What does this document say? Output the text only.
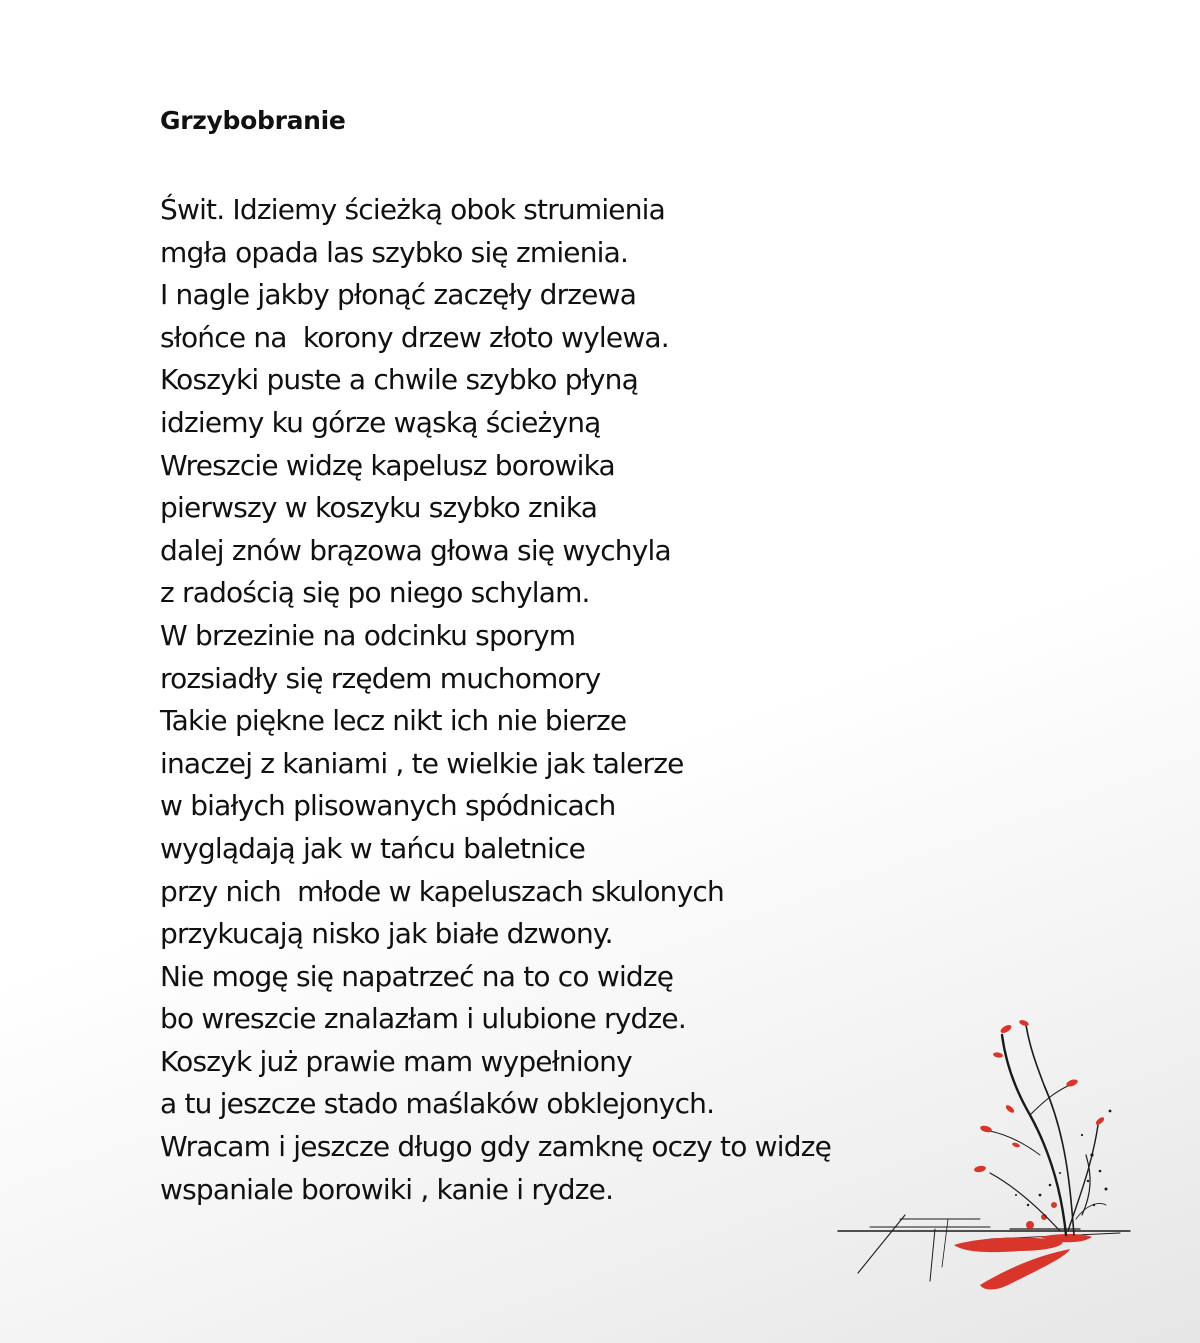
Grzybobranie
Świt. Idziemy ścieżką obok strumienia
mgła opada las szybko się zmienia.
I nagle jakby płonąć zaczęły drzewa
słońce na  korony drzew złoto wylewa.
Koszyki puste a chwile szybko płyną
idziemy ku górze wąską ścieżyną
Wreszcie widzę kapelusz borowika
pierwszy w koszyku szybko znika
dalej znów brązowa głowa się wychyla
z radością się po niego schylam.
W brzezinie na odcinku sporym
rozsiadły się rzędem muchomory
Takie piękne lecz nikt ich nie bierze
inaczej z kaniami , te wielkie jak talerze
w białych plisowanych spódnicach
wyglądają jak w tańcu baletnice
przy nich  młode w kapeluszach skulonych
przykucają nisko jak białe dzwony.
Nie mogę się napatrzeć na to co widzę
bo wreszcie znalazłam i ulubione rydze.
Koszyk już prawie mam wypełniony
a tu jeszcze stado maślaków obklejonych.
Wracam i jeszcze długo gdy zamknę oczy to widzę
wspaniale borowiki , kanie i rydze.
